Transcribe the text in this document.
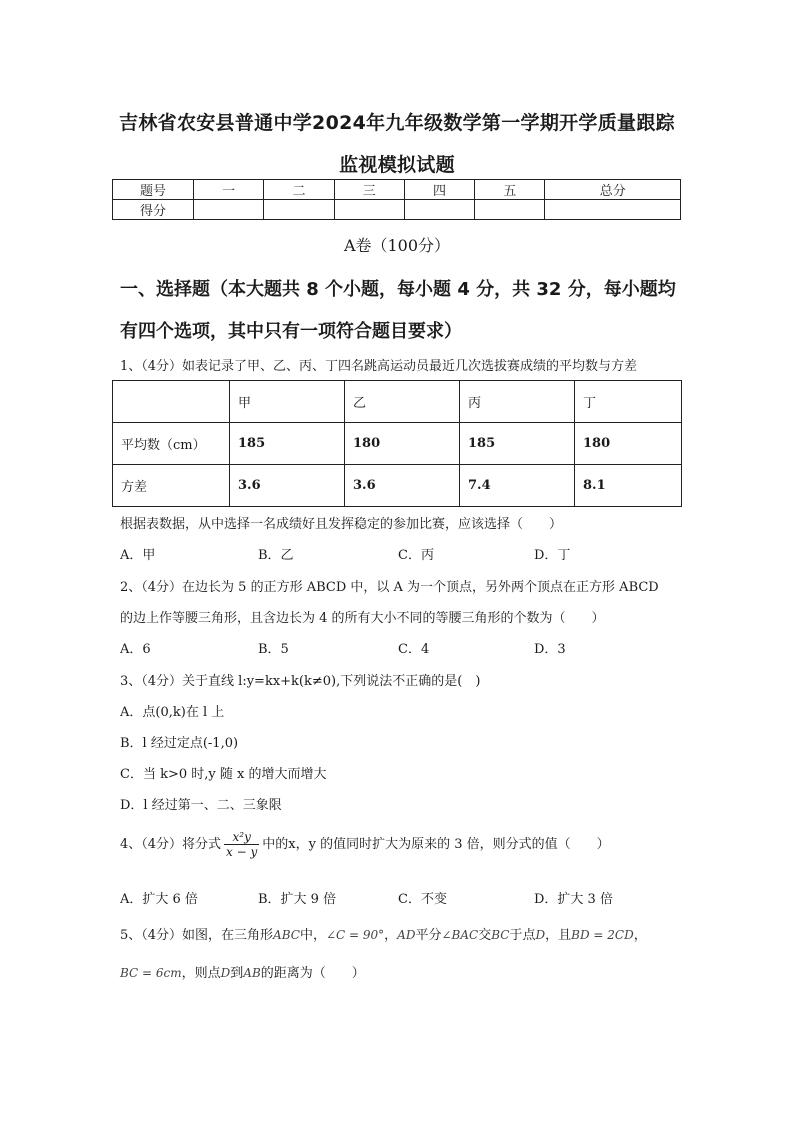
吉林省农安县普通中学2024年九年级数学第一学期开学质量跟踪
监视模拟试题
题号	一	二	三	四	五	总分
得分						
A卷（100分）
一、选择题（本大题共 8 个小题，每小题 4 分，共 32 分，每小题均
有四个选项，其中只有一项符合题目要求）
1、（4分）如表记录了甲、乙、丙、丁四名跳高运动员最近几次选拔赛成绩的平均数与方差
	甲	乙	丙	丁
平均数（cm）	185	180	185	180
方差	3.6	3.6	7.4	8.1
根据表数据，从中选择一名成绩好且发挥稳定的参加比赛，应该选择（　　）
A．甲	B．乙	C．丙	D．丁
2、（4分）在边长为 5 的正方形 ABCD 中，以 A 为一个顶点，另外两个顶点在正方形 ABCD
的边上作等腰三角形，且含边长为 4 的所有大小不同的等腰三角形的个数为（　　）
A．6	B．5	C．4	D．3
3、（4分）关于直线 l:y=kx+k(k≠0),下列说法不正确的是(　)
A．点(0,k)在 l 上
B．l 经过定点(-1,0)
C．当 k>0 时,y 随 x 的增大而增大
D．l 经过第一、二、三象限
4、（4分）将分式 $\frac{\text{x²y}}{x - y}$ 中的x，y 的值同时扩大为原来的 3 倍，则分式的值（　　）
A．扩大 6 倍	B．扩大 9 倍	C．不变	D．扩大 3 倍
5、（4分）如图，在三角形ABC中，∠C = 90°，AD平分∠BAC交BC于点D，且BD = 2CD，
BC = 6cm，则点D到AB的距离为（　　）
